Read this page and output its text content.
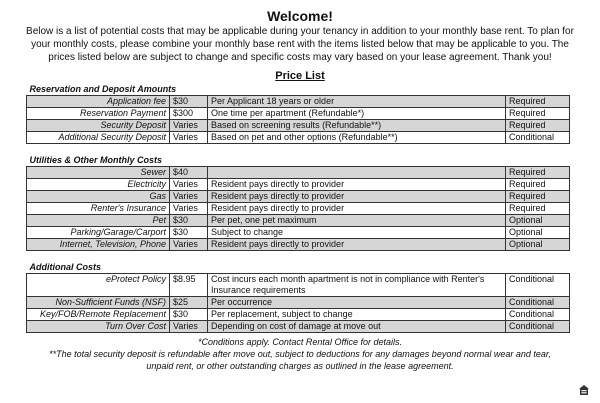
Welcome!
Below is a list of potential costs that may be applicable during your tenancy in addition to your monthly base rent. To plan for your monthly costs, please combine your monthly base rent with the items listed below that may be applicable to you. The prices listed below are subject to change and specific costs may vary based on your lease agreement. Thank you!
Price List
Reservation and Deposit Amounts			
Application fee	$30	Per Applicant 18 years or older	Required
Reservation Payment	$300	One time per apartment (Refundable*)	Required
Security Deposit	Varies	Based on screening results (Refundable**)	Required
Additional Security Deposit	Varies	Based on pet and other options (Refundable**)	Conditional

Utilities & Other Monthly Costs			
Sewer	$40		Required
Electricity	Varies	Resident pays directly to provider	Required
Gas	Varies	Resident pays directly to provider	Required
Renter's Insurance	Varies	Resident pays directly to provider	Required
Pet	$30	Per pet, one pet maximum	Optional
Parking/Garage/Carport	$30	Subject to change	Optional
Internet, Television, Phone	Varies	Resident pays directly to provider	Optional

Additional Costs			
eProtect Policy	$8.95	Cost incurs each month apartment is not in compliance with Renter's Insurance requirements	Conditional
Non-Sufficient Funds (NSF)	$25	Per occurrence	Conditional
Key/FOB/Remote Replacement	$30	Per replacement, subject to change	Conditional
Turn Over Cost	Varies	Depending on cost of damage at move out	Conditional
*Conditions apply. Contact Rental Office for details.
**The total security deposit is refundable after move out, subject to deductions for any damages beyond normal wear and tear, unpaid rent, or other outstanding charges as outlined in the lease agreement.
